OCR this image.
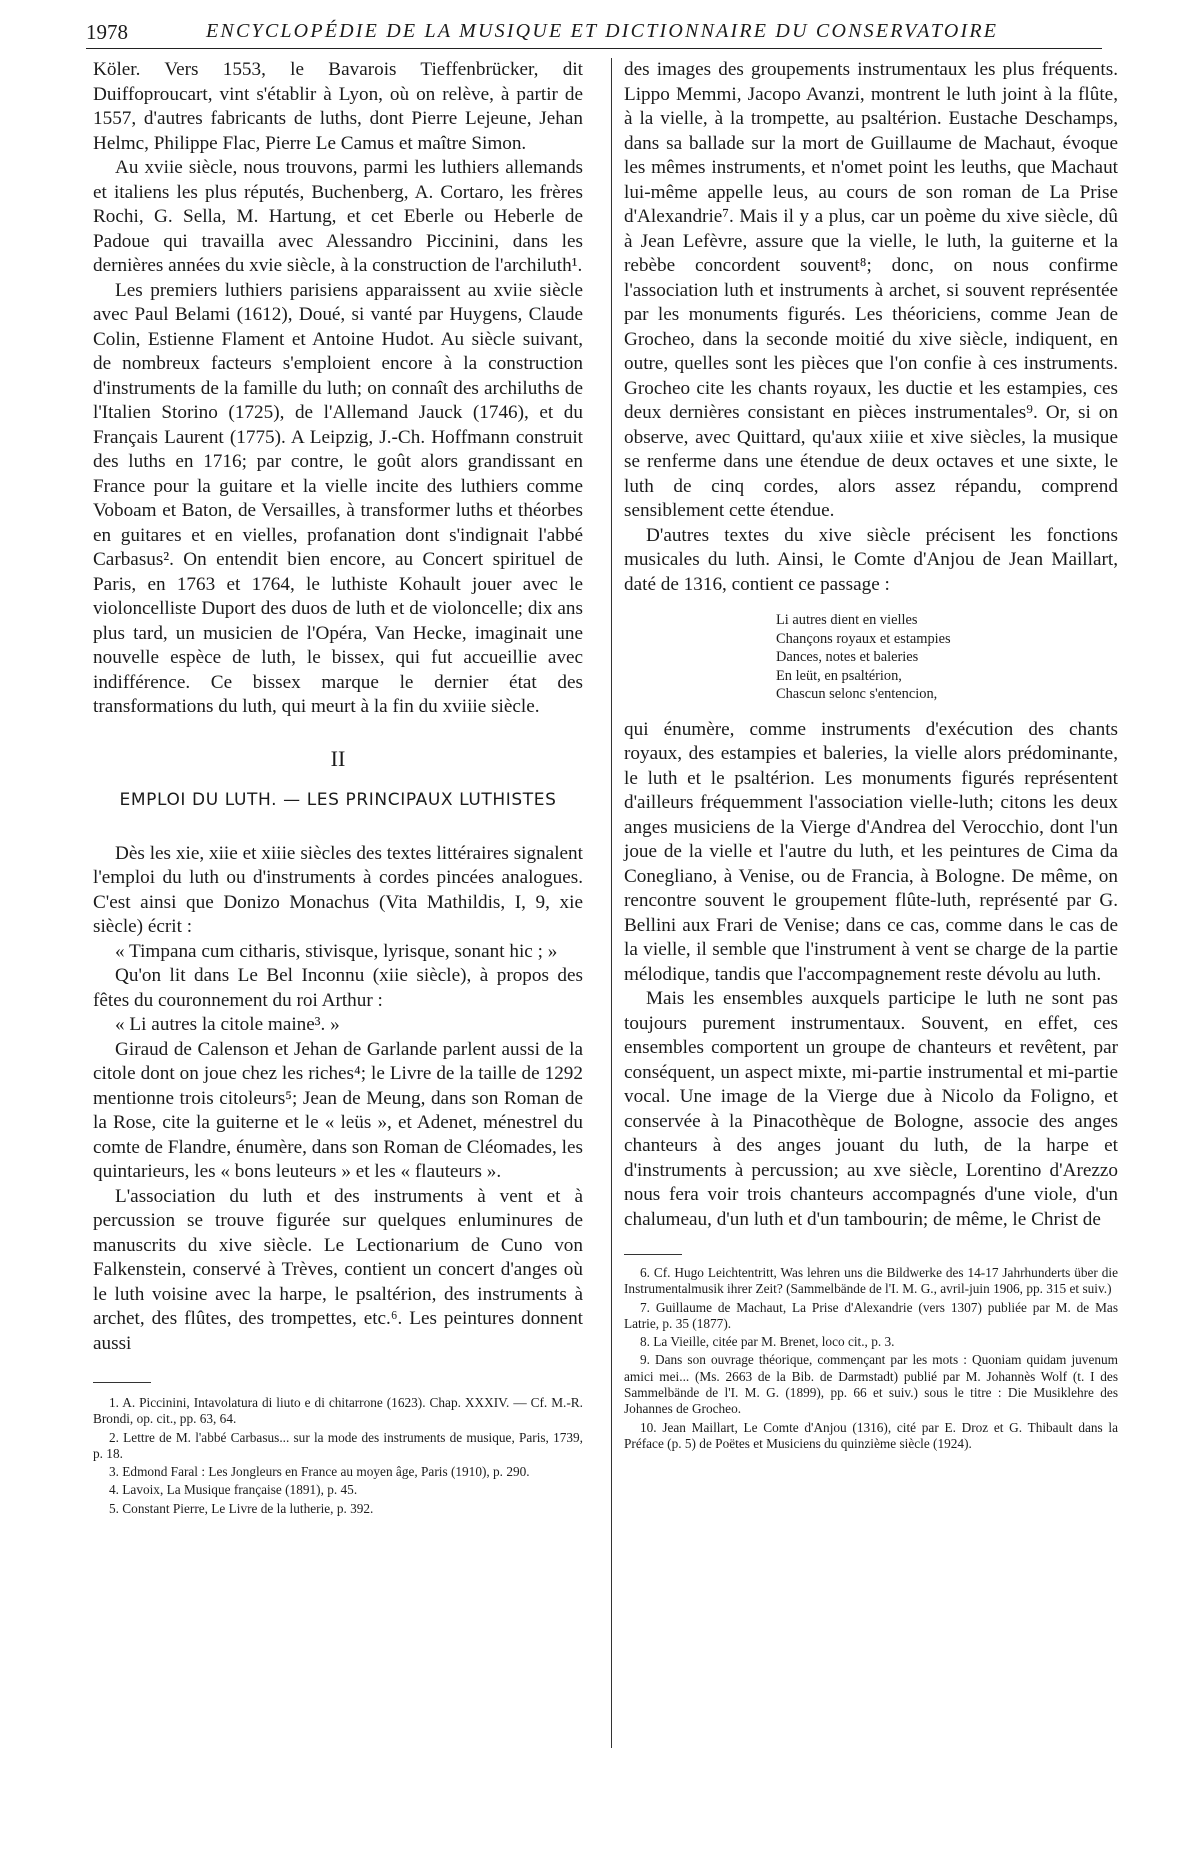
1978	ENCYCLOPÉDIE DE LA MUSIQUE ET DICTIONNAIRE DU CONSERVATOIRE

Köler. Vers 1553, le Bavarois Tieffenbrücker, dit Duiffoproucart, vint s'établir à Lyon, où on relève, à partir de 1557, d'autres fabricants de luths, dont Pierre Lejeune, Jehan Helmc, Philippe Flac, Pierre Le Camus et maître Simon.

Au xviie siècle, nous trouvons, parmi les luthiers allemands et italiens les plus réputés, Buchenberg, A. Cortaro, les frères Rochi, G. Sella, M. Hartung, et cet Eberle ou Heberle de Padoue qui travailla avec Alessandro Piccinini, dans les dernières années du xvie siècle, à la construction de l'archiluth¹.

Les premiers luthiers parisiens apparaissent au xviie siècle avec Paul Belami (1612), Doué, si vanté par Huygens, Claude Colin, Estienne Flament et Antoine Hudot. Au siècle suivant, de nombreux facteurs s'emploient encore à la construction d'instruments de la famille du luth; on connaît des archiluths de l'Italien Storino (1725), de l'Allemand Jauck (1746), et du Français Laurent (1775). A Leipzig, J.-Ch. Hoffmann construit des luths en 1716; par contre, le goût alors grandissant en France pour la guitare et la vielle incite des luthiers comme Voboam et Baton, de Versailles, à transformer luths et théorbes en guitares et en vielles, profanation dont s'indignait l'abbé Carbasus². On entendit bien encore, au Concert spirituel de Paris, en 1763 et 1764, le luthiste Kohault jouer avec le violoncelliste Duport des duos de luth et de violoncelle; dix ans plus tard, un musicien de l'Opéra, Van Hecke, imaginait une nouvelle espèce de luth, le bissex, qui fut accueillie avec indifférence. Ce bissex marque le dernier état des transformations du luth, qui meurt à la fin du xviiie siècle.

II
EMPLOI DU LUTH. — LES PRINCIPAUX LUTHISTES

Dès les xie, xiie et xiiie siècles des textes littéraires signalent l'emploi du luth ou d'instruments à cordes pincées analogues. C'est ainsi que Donizo Monachus (Vita Mathildis, I, 9, xie siècle) écrit :

« Timpana cum citharis, stivisque, lyrisque, sonant hic ; »

Qu'on lit dans Le Bel Inconnu (xiie siècle), à propos des fêtes du couronnement du roi Arthur :

« Li autres la citole maine³. »

Giraud de Calenson et Jehan de Garlande parlent aussi de la citole dont on joue chez les riches⁴; le Livre de la taille de 1292 mentionne trois citoleurs⁵; Jean de Meung, dans son Roman de la Rose, cite la guiterne et le « leüs », et Adenet, ménestrel du comte de Flandre, énumère, dans son Roman de Cléomades, les quintarieurs, les « bons leuteurs » et les « flauteurs ».

L'association du luth et des instruments à vent et à percussion se trouve figurée sur quelques enluminures de manuscrits du xive siècle. Le Lectionarium de Cuno von Falkenstein, conservé à Trèves, contient un concert d'anges où le luth voisine avec la harpe, le psaltérion, des instruments à archet, des flûtes, des trompettes, etc.⁶. Les peintures donnent aussi

1. A. Piccinini, Intavolatura di liuto e di chitarrone (1623). Chap. XXXIV. — Cf. M.-R. Brondi, op. cit., pp. 63, 64.

2. Lettre de M. l'abbé Carbasus... sur la mode des instruments de musique, Paris, 1739, p. 18.

3. Edmond Faral : Les Jongleurs en France au moyen âge, Paris (1910), p. 290.

4. Lavoix, La Musique française (1891), p. 45.

5. Constant Pierre, Le Livre de la lutherie, p. 392.

des images des groupements instrumentaux les plus fréquents. Lippo Memmi, Jacopo Avanzi, montrent le luth joint à la flûte, à la vielle, à la trompette, au psaltérion. Eustache Deschamps, dans sa ballade sur la mort de Guillaume de Machaut, évoque les mêmes instruments, et n'omet point les leuths, que Machaut lui-même appelle leus, au cours de son roman de La Prise d'Alexandrie⁷. Mais il y a plus, car un poème du xive siècle, dû à Jean Lefèvre, assure que la vielle, le luth, la guiterne et la rebèbe concordent souvent⁸; donc, on nous confirme l'association luth et instruments à archet, si souvent représentée par les monuments figurés. Les théoriciens, comme Jean de Grocheo, dans la seconde moitié du xive siècle, indiquent, en outre, quelles sont les pièces que l'on confie à ces instruments. Grocheo cite les chants royaux, les ductie et les estampies, ces deux dernières consistant en pièces instrumentales⁹. Or, si on observe, avec Quittard, qu'aux xiiie et xive siècles, la musique se renferme dans une étendue de deux octaves et une sixte, le luth de cinq cordes, alors assez répandu, comprend sensiblement cette étendue.

D'autres textes du xive siècle précisent les fonctions musicales du luth. Ainsi, le Comte d'Anjou de Jean Maillart, daté de 1316, contient ce passage :

Li autres dient en vielles
Chançons royaux et estampies
Dances, notes et baleries
En leüt, en psaltérion,
Chascun selonc s'entencion,

qui énumère, comme instruments d'exécution des chants royaux, des estampies et baleries, la vielle alors prédominante, le luth et le psaltérion. Les monuments figurés représentent d'ailleurs fréquemment l'association vielle-luth; citons les deux anges musiciens de la Vierge d'Andrea del Verocchio, dont l'un joue de la vielle et l'autre du luth, et les peintures de Cima da Conegliano, à Venise, ou de Francia, à Bologne. De même, on rencontre souvent le groupement flûte-luth, représenté par G. Bellini aux Frari de Venise; dans ce cas, comme dans le cas de la vielle, il semble que l'instrument à vent se charge de la partie mélodique, tandis que l'accompagnement reste dévolu au luth.

Mais les ensembles auxquels participe le luth ne sont pas toujours purement instrumentaux. Souvent, en effet, ces ensembles comportent un groupe de chanteurs et revêtent, par conséquent, un aspect mixte, mi-partie instrumental et mi-partie vocal. Une image de la Vierge due à Nicolo da Foligno, et conservée à la Pinacothèque de Bologne, associe des anges chanteurs à des anges jouant du luth, de la harpe et d'instruments à percussion; au xve siècle, Lorentino d'Arezzo nous fera voir trois chanteurs accompagnés d'une viole, d'un chalumeau, d'un luth et d'un tambourin; de même, le Christ de

6. Cf. Hugo Leichtentritt, Was lehren uns die Bildwerke des 14-17 Jahrhunderts über die Instrumentalmusik ihrer Zeit? (Sammelbände de l'I. M. G., avril-juin 1906, pp. 315 et suiv.)

7. Guillaume de Machaut, La Prise d'Alexandrie (vers 1307) publiée par M. de Mas Latrie, p. 35 (1877).

8. La Vieille, citée par M. Brenet, loco cit., p. 3.

9. Dans son ouvrage théorique, commençant par les mots : Quoniam quidam juvenum amici mei... (Ms. 2663 de la Bib. de Darmstadt) publié par M. Johannès Wolf (t. I des Sammelbände de l'I. M. G. (1899), pp. 66 et suiv.) sous le titre : Die Musiklehre des Johannes de Grocheo.

10. Jean Maillart, Le Comte d'Anjou (1316), cité par E. Droz et G. Thibault dans la Préface (p. 5) de Poëtes et Musiciens du quinzième siècle (1924).
